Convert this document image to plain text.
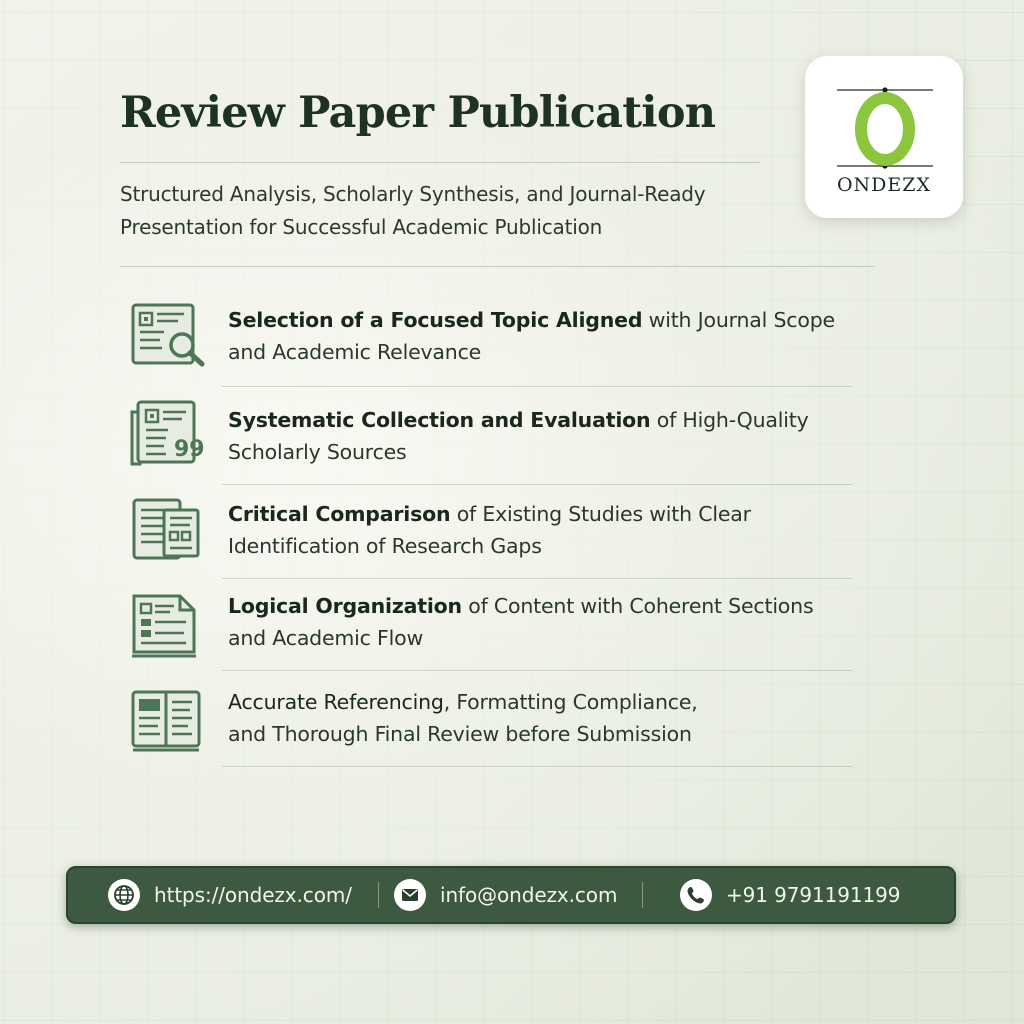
Review Paper Publication
Structured Analysis, Scholarly Synthesis, and Journal-Ready
Presentation for Successful Academic Publication
ONDEZX
Selection of a Focused Topic Aligned with Journal Scope
and Academic Relevance
99
Systematic Collection and Evaluation of High-Quality
Scholarly Sources
Critical Comparison of Existing Studies with Clear
Identification of Research Gaps
Logical Organization of Content with Coherent Sections
and Academic Flow
Accurate Referencing, Formatting Compliance,
and Thorough Final Review before Submission
https://ondezx.com/	info@ondezx.com	+91 9791191199
